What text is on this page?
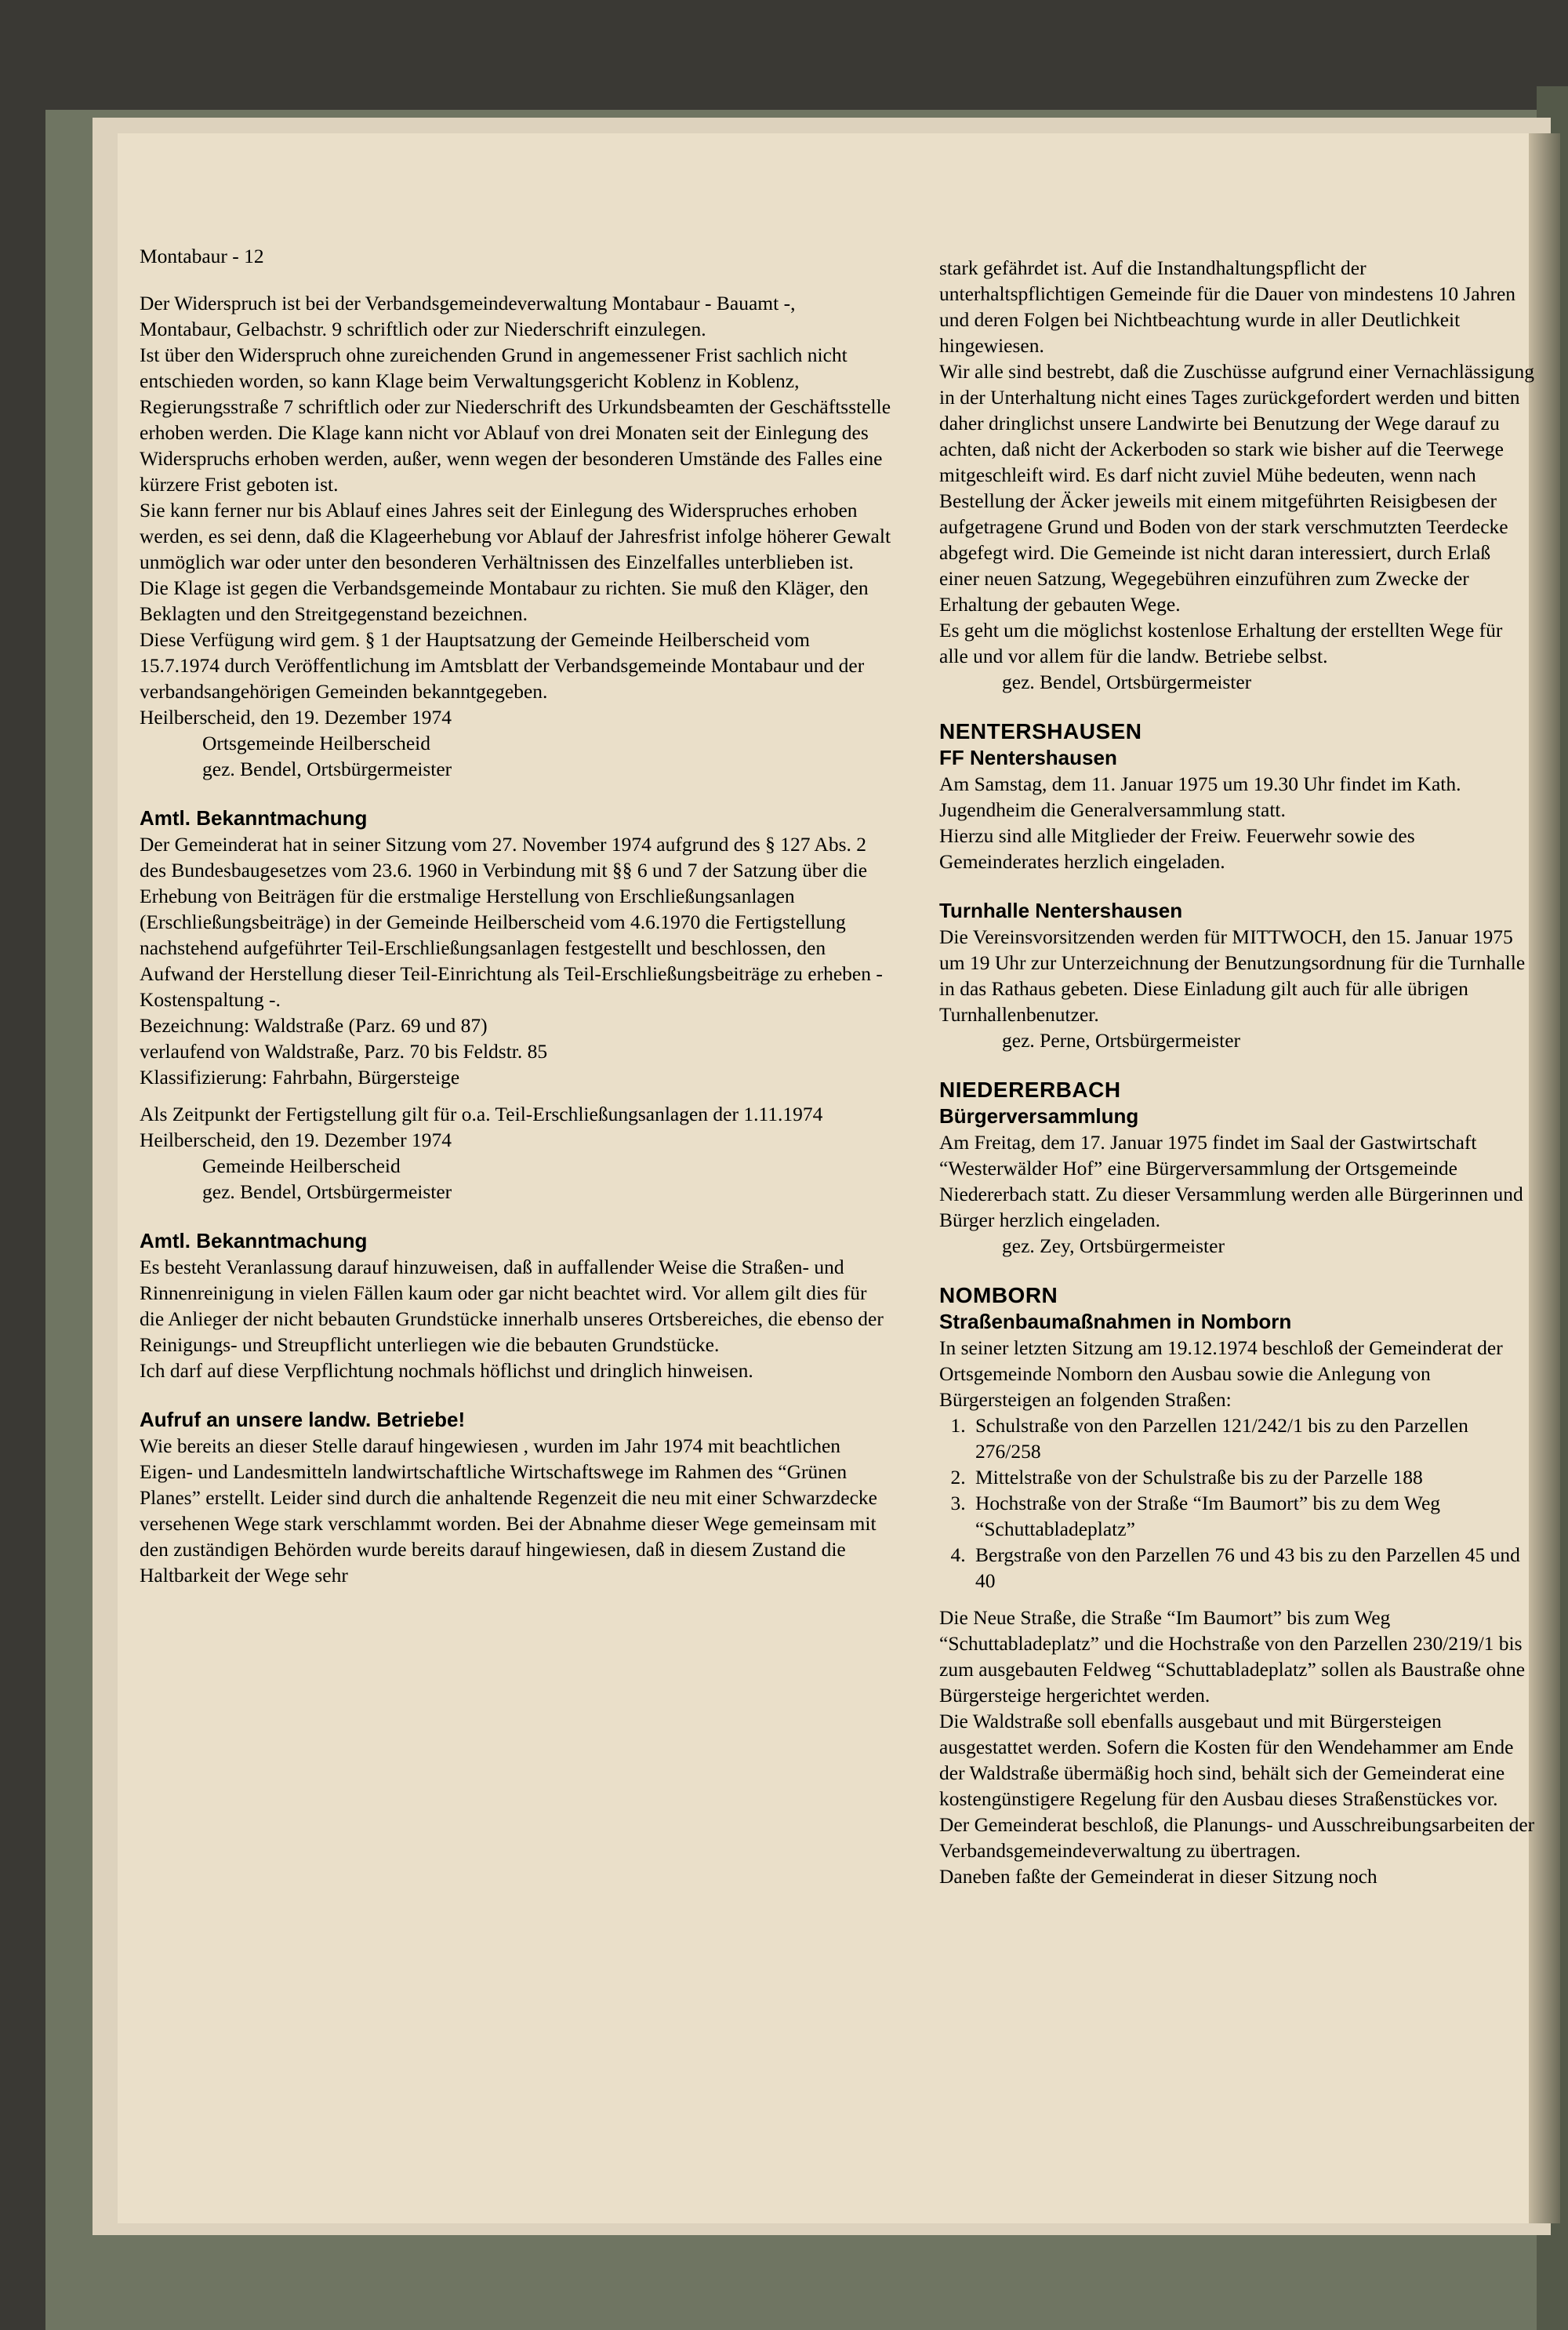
Montabaur - 12

Der Widerspruch ist bei der Verbandsgemeindeverwaltung Montabaur - Bauamt -, Montabaur, Gelbachstr. 9 schriftlich oder zur Niederschrift einzulegen.

Ist über den Widerspruch ohne zureichenden Grund in angemessener Frist sachlich nicht entschieden worden, so kann Klage beim Verwaltungsgericht Koblenz in Koblenz, Regierungsstraße 7 schriftlich oder zur Niederschrift des Urkundsbeamten der Geschäftsstelle erhoben werden. Die Klage kann nicht vor Ablauf von drei Monaten seit der Einlegung des Widerspruchs erhoben werden, außer, wenn wegen der besonderen Umstände des Falles eine kürzere Frist geboten ist.

Sie kann ferner nur bis Ablauf eines Jahres seit der Einlegung des Widerspruches erhoben werden, es sei denn, daß die Klageerhebung vor Ablauf der Jahresfrist infolge höherer Gewalt unmöglich war oder unter den besonderen Verhältnissen des Einzelfalles unterblieben ist.

Die Klage ist gegen die Verbandsgemeinde Montabaur zu richten. Sie muß den Kläger, den Beklagten und den Streitgegenstand bezeichnen.

Diese Verfügung wird gem. § 1 der Hauptsatzung der Gemeinde Heilberscheid vom 15.7.1974 durch Veröffentlichung im Amtsblatt der Verbandsgemeinde Montabaur und der verbandsangehörigen Gemeinden bekanntgegeben.

Heilberscheid, den 19. Dezember 1974

Ortsgemeinde Heilberscheid

gez. Bendel, Ortsbürgermeister

Amtl. Bekanntmachung

Der Gemeinderat hat in seiner Sitzung vom 27. November 1974 aufgrund des § 127 Abs. 2 des Bundesbaugesetzes vom 23.6. 1960 in Verbindung mit §§ 6 und 7 der Satzung über die Erhebung von Beiträgen für die erstmalige Herstellung von Erschließungsanlagen (Erschließungsbeiträge) in der Gemeinde Heilberscheid vom 4.6.1970 die Fertigstellung nachstehend aufgeführter Teil-Erschließungsanlagen festgestellt und beschlossen, den Aufwand der Herstellung dieser Teil-Einrichtung als Teil-Erschließungsbeiträge zu erheben - Kostenspaltung -.

Bezeichnung: Waldstraße (Parz. 69 und 87)

verlaufend von Waldstraße, Parz. 70 bis Feldstr. 85

Klassifizierung: Fahrbahn, Bürgersteige

Als Zeitpunkt der Fertigstellung gilt für o.a. Teil-Erschließungsanlagen der 1.11.1974

Heilberscheid, den 19. Dezember 1974

Gemeinde Heilberscheid

gez. Bendel, Ortsbürgermeister

Amtl. Bekanntmachung

Es besteht Veranlassung darauf hinzuweisen, daß in auffallender Weise die Straßen- und Rinnenreinigung in vielen Fällen kaum oder gar nicht beachtet wird. Vor allem gilt dies für die Anlieger der nicht bebauten Grundstücke innerhalb unseres Ortsbereiches, die ebenso der Reinigungs- und Streupflicht unterliegen wie die bebauten Grundstücke.

Ich darf auf diese Verpflichtung nochmals höflichst und dringlich hinweisen.

Aufruf an unsere landw. Betriebe!

Wie bereits an dieser Stelle darauf hingewiesen , wurden im Jahr 1974 mit beachtlichen Eigen- und Landesmitteln landwirtschaftliche Wirtschaftswege im Rahmen des “Grünen Planes” erstellt. Leider sind durch die anhaltende Regenzeit die neu mit einer Schwarzdecke versehenen Wege stark verschlammt worden. Bei der Abnahme dieser Wege gemeinsam mit den zuständigen Behörden wurde bereits darauf hingewiesen, daß in diesem Zustand die Haltbarkeit der Wege sehr

stark gefährdet ist. Auf die Instandhaltungspflicht der unterhaltspflichtigen Gemeinde für die Dauer von mindestens 10 Jahren und deren Folgen bei Nichtbeachtung wurde in aller Deutlichkeit hingewiesen.

Wir alle sind bestrebt, daß die Zuschüsse aufgrund einer Vernachlässigung in der Unterhaltung nicht eines Tages zurückgefordert werden und bitten daher dringlichst unsere Landwirte bei Benutzung der Wege darauf zu achten, daß nicht der Ackerboden so stark wie bisher auf die Teerwege mitgeschleift wird. Es darf nicht zuviel Mühe bedeuten, wenn nach Bestellung der Äcker jeweils mit einem mitgeführten Reisigbesen der aufgetragene Grund und Boden von der stark verschmutzten Teerdecke abgefegt wird. Die Gemeinde ist nicht daran interessiert, durch Erlaß einer neuen Satzung, Wegegebühren einzuführen zum Zwecke der Erhaltung der gebauten Wege.

Es geht um die möglichst kostenlose Erhaltung der erstellten Wege für alle und vor allem für die landw. Betriebe selbst.

gez. Bendel, Ortsbürgermeister

NENTERSHAUSEN

FF Nentershausen

Am Samstag, dem 11. Januar 1975 um 19.30 Uhr findet im Kath. Jugendheim die Generalversammlung statt.

Hierzu sind alle Mitglieder der Freiw. Feuerwehr sowie des Gemeinderates herzlich eingeladen.

Turnhalle Nentershausen

Die Vereinsvorsitzenden werden für MITTWOCH, den 15. Januar 1975 um 19 Uhr zur Unterzeichnung der Benutzungsordnung für die Turnhalle in das Rathaus gebeten. Diese Einladung gilt auch für alle übrigen Turnhallenbenutzer.

gez. Perne, Ortsbürgermeister

NIEDERERBACH

Bürgerversammlung

Am Freitag, dem 17. Januar 1975 findet im Saal der Gastwirtschaft “Westerwälder Hof” eine Bürgerversammlung der Ortsgemeinde Niedererbach statt. Zu dieser Versammlung werden alle Bürgerinnen und Bürger herzlich eingeladen.

gez. Zey, Ortsbürgermeister

NOMBORN

Straßenbaumaßnahmen in Nomborn

In seiner letzten Sitzung am 19.12.1974 beschloß der Gemeinderat der Ortsgemeinde Nomborn den Ausbau sowie die Anlegung von Bürgersteigen an folgenden Straßen:

1. Schulstraße von den Parzellen 121/242/1 bis zu den Parzellen 276/258
2. Mittelstraße von der Schulstraße bis zu der Parzelle 188
3. Hochstraße von der Straße “Im Baumort” bis zu dem Weg “Schuttabladeplatz”
4. Bergstraße von den Parzellen 76 und 43 bis zu den Parzellen 45 und 40

Die Neue Straße, die Straße “Im Baumort” bis zum Weg “Schuttabladeplatz” und die Hochstraße von den Parzellen 230/219/1 bis zum ausgebauten Feldweg “Schuttabladeplatz” sollen als Baustraße ohne Bürgersteige hergerichtet werden.

Die Waldstraße soll ebenfalls ausgebaut und mit Bürgersteigen ausgestattet werden. Sofern die Kosten für den Wendehammer am Ende der Waldstraße übermäßig hoch sind, behält sich der Gemeinderat eine kostengünstigere Regelung für den Ausbau dieses Straßenstückes vor.

Der Gemeinderat beschloß, die Planungs- und Ausschreibungsarbeiten der Verbandsgemeindeverwaltung zu übertragen.

Daneben faßte der Gemeinderat in dieser Sitzung noch
